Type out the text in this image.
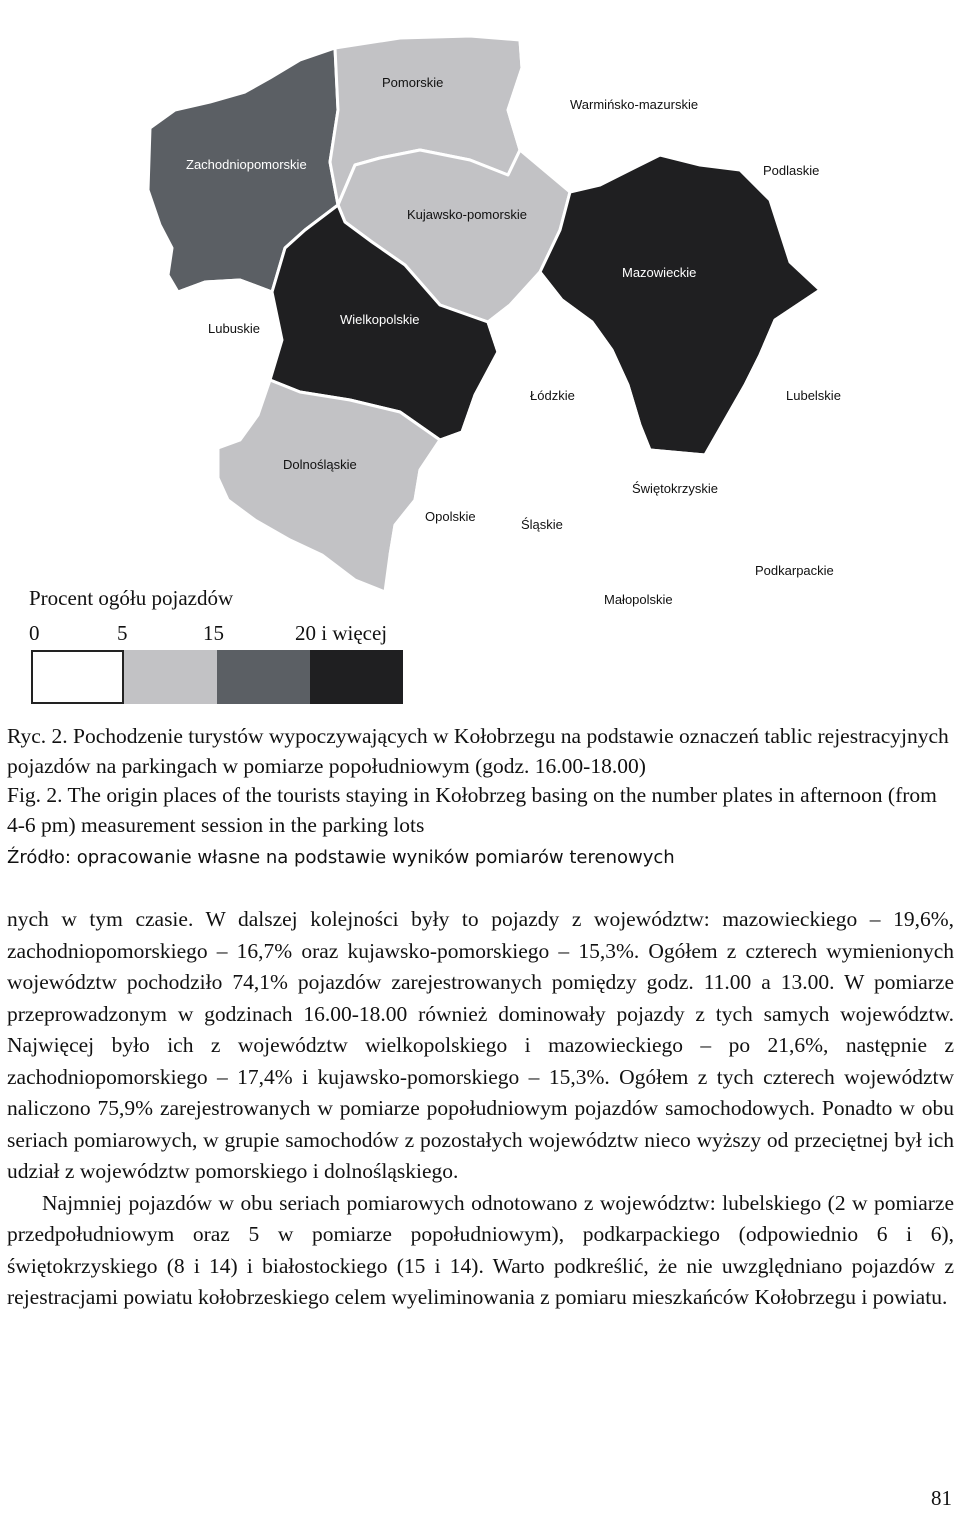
Zachodniopomorskie
Pomorskie
Warmińsko-mazurskie
Podlaskie
Kujawsko-pomorskie
Mazowieckie
Lubuskie
Wielkopolskie
Łódzkie	Lubelskie
Dolnośląskie
Świętokrzyskie
Opolskie
Śląskie
Podkarpackie
Małopolskie
Procent ogółu pojazdów
0	5	15	20 i więcej

Ryc. 2. Pochodzenie turystów wypoczywających w Kołobrzegu na podstawie oznaczeń tablic rejestracyjnych pojazdów na parkingach w pomiarze popołudniowym (godz. 16.00-18.00)

Fig. 2. The origin places of the tourists staying in Kołobrzeg basing on the number plates in afternoon (from 4-6 pm) measurement session in the parking lots

Źródło: opracowanie własne na podstawie wyników pomiarów terenowych

nych w tym czasie. W dalszej kolejności były to pojazdy z województw: mazowieckiego – 19,6%, zachodniopomorskiego – 16,7% oraz kujawsko-pomorskiego – 15,3%. Ogółem z czterech wymienionych województw pochodziło 74,1% pojazdów zarejestrowanych pomiędzy godz. 11.00 a 13.00. W pomiarze przeprowadzonym w godzinach 16.00-18.00 również dominowały pojazdy z tych samych województw. Najwięcej było ich z województw wielkopolskiego i mazowieckiego – po 21,6%, następnie z zachodniopomorskiego – 17,4% i kujawsko-pomorskiego – 15,3%. Ogółem z tych czterech województw naliczono 75,9% zarejestrowanych w pomiarze popołudniowym pojazdów samochodowych. Ponadto w obu seriach pomiarowych, w grupie samochodów z pozostałych województw nieco wyższy od przeciętnej był ich udział z województw pomorskiego i dolnośląskiego.

Najmniej pojazdów w obu seriach pomiarowych odnotowano z województw: lubelskiego (2 w pomiarze przedpołudniowym oraz 5 w pomiarze popołudniowym), podkarpackiego (odpowiednio 6 i 6), świętokrzyskiego (8 i 14) i białostockiego (15 i 14). Warto podkreślić, że nie uwzględniano pojazdów z rejestracjami powiatu kołobrzeskiego celem wyeliminowania z pomiaru mieszkańców Kołobrzegu i powiatu.

81
